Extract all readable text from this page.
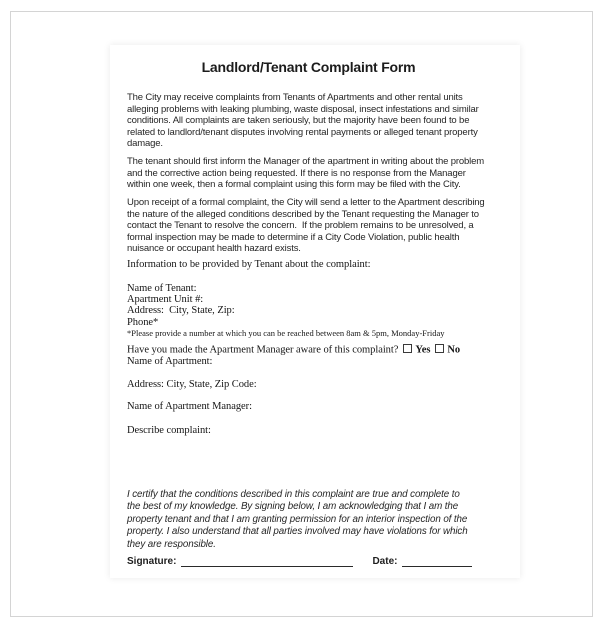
Landlord/Tenant Complaint Form
The City may receive complaints from Tenants of Apartments and other rental units
alleging problems with leaking plumbing, waste disposal, insect infestations and similar
conditions. All complaints are taken seriously, but the majority have been found to be
related to landlord/tenant disputes involving rental payments or alleged tenant property
damage.
The tenant should first inform the Manager of the apartment in writing about the problem
and the corrective action being requested. If there is no response from the Manager
within one week, then a formal complaint using this form may be filed with the City.
Upon receipt of a formal complaint, the City will send a letter to the Apartment describing
the nature of the alleged conditions described by the Tenant requesting the Manager to
contact the Tenant to resolve the concern.  If the problem remains to be unresolved, a
formal inspection may be made to determine if a City Code Violation, public health
nuisance or occupant health hazard exists.
Information to be provided by Tenant about the complaint:
Name of Tenant:
Apartment Unit #:
Address:  City, State, Zip:
Phone*
*Please provide a number at which you can be reached between 8am & 5pm, Monday-Friday
Have you made the Apartment Manager aware of this complaint? Yes No
Name of Apartment:
Address: City, State, Zip Code:
Name of Apartment Manager:
Describe complaint:
I certify that the conditions described in this complaint are true and complete to
the best of my knowledge. By signing below, I am acknowledging that I am the
property tenant and that I am granting permission for an interior inspection of the
property. I also understand that all parties involved may have violations for which
they are responsible.
Signature:	Date:
